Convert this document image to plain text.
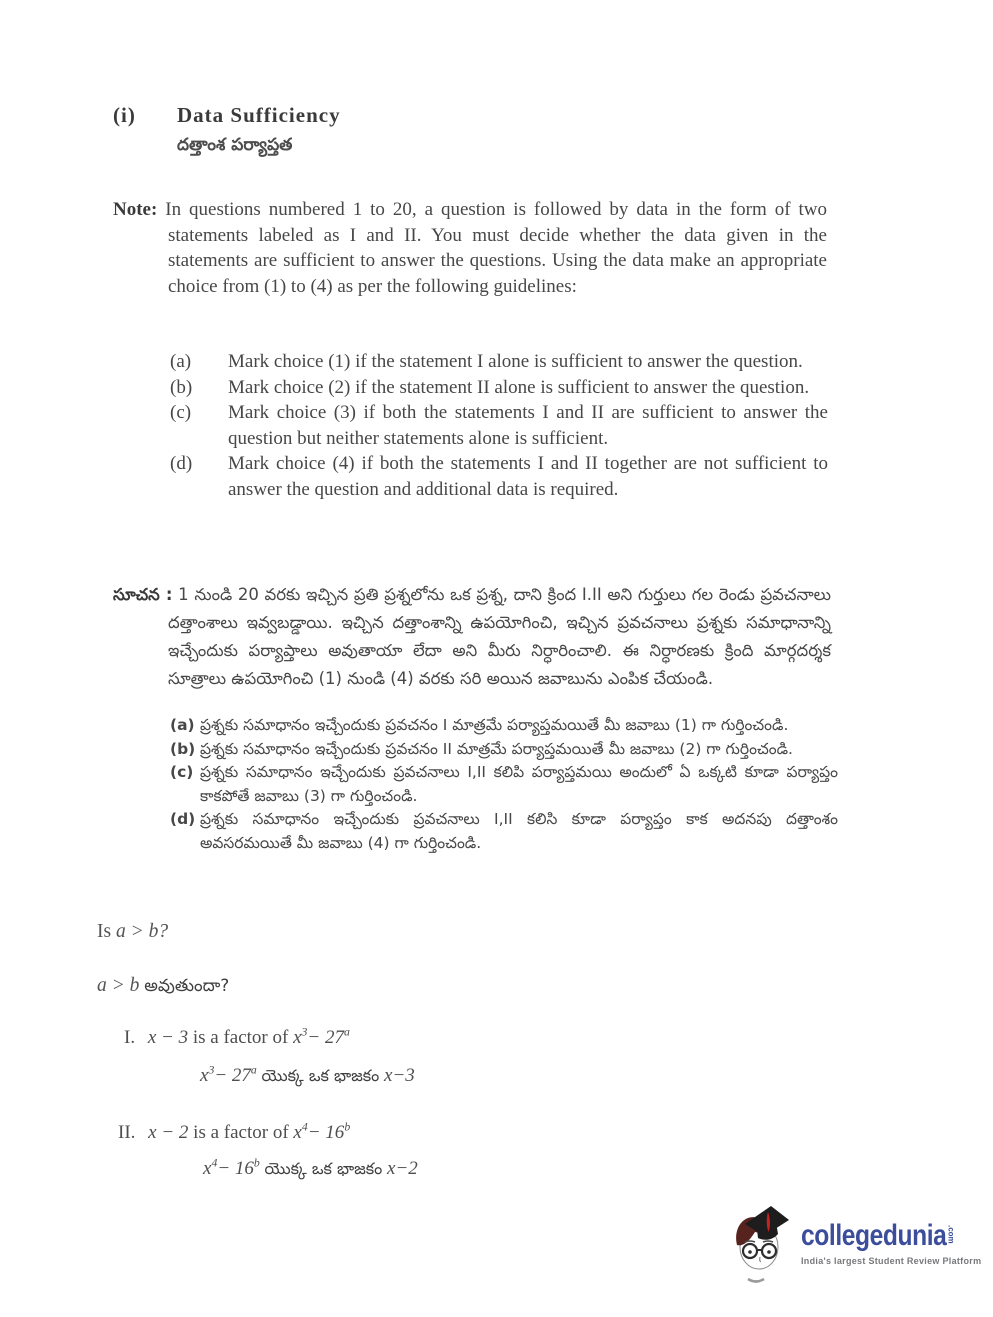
(i)	Data Sufficiency
దత్తాంశ పర్యాప్తత

Note: In questions numbered 1 to 20, a question is followed by data in the form of two statements labeled as I and II. You must decide whether the data given in the statements are sufficient to answer the questions. Using the data make an appropriate choice from (1) to (4) as per the following guidelines:

(a)	Mark choice (1) if the statement I alone is sufficient to answer the question.
(b)	Mark choice (2) if the statement II alone is sufficient to answer the question.
(c)	Mark choice (3) if both the statements I and II are sufficient to answer the question but neither statements alone is sufficient.
(d)	Mark choice (4) if both the statements I and II together are not sufficient to answer the question and additional data is required.

సూచన : 1 నుండి 20 వరకు ఇచ్చిన ప్రతి ప్రశ్నలోను ఒక ప్రశ్న, దాని క్రింద I.II అని గుర్తులు గల రెండు ప్రవచనాలు దత్తాంశాలు ఇవ్వబడ్డాయి. ఇచ్చిన దత్తాంశాన్ని ఉపయోగించి, ఇచ్చిన ప్రవచనాలు ప్రశ్నకు సమాధానాన్ని ఇచ్చేందుకు పర్యాప్తాలు అవుతాయా లేదా అని మీరు నిర్ధారించాలి. ఈ నిర్ధారణకు క్రింది మార్గదర్శక సూత్రాలు ఉపయోగించి (1) నుండి (4) వరకు సరి అయిన జవాబును ఎంపిక చేయండి.

(a) ప్రశ్నకు సమాధానం ఇచ్చేందుకు ప్రవచనం I మాత్రమే పర్యాప్తమయితే మీ జవాబు (1) గా గుర్తించండి.
(b) ప్రశ్నకు సమాధానం ఇచ్చేందుకు ప్రవచనం II మాత్రమే పర్యాప్తమయితే మీ జవాబు (2) గా గుర్తించండి.
(c) ప్రశ్నకు సమాధానం ఇచ్చేందుకు ప్రవచనాలు I,II కలిపి పర్యాప్తమయి అందులో ఏ ఒక్కటి కూడా పర్యాప్తం కాకపోతే జవాబు (3) గా గుర్తించండి.
(d) ప్రశ్నకు సమాధానం ఇచ్చేందుకు ప్రవచనాలు I,II కలిసి కూడా పర్యాప్తం కాక అదనపు దత్తాంశం అవసరమయితే మీ జవాబు (4) గా గుర్తించండి.
Is a > b?
a > b అవుతుందా?
I. x − 3 is a factor of $x^3- 27^a$
$x^3- 27^a$ యొక్క ఒక భాజకం x−3
II. x − 2 is a factor of $x^4- 16^b$
$x^4- 16^b$ యొక్క ఒక భాజకం x−2
collegedunia .com
India's largest Student Review Platform
